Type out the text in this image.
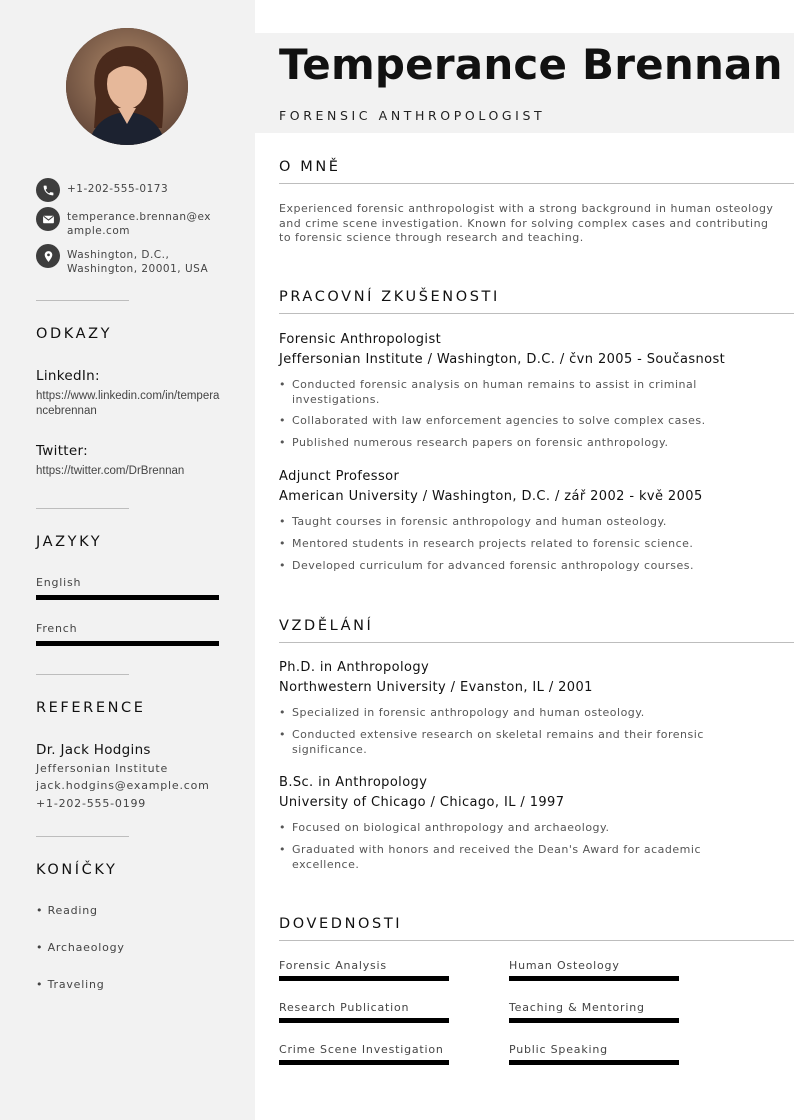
+1-202-555-0173
temperance.brennan@example.com
Washington, D.C.,
Washington, 20001, USA
ODKAZY
LinkedIn:
https://www.linkedin.com/in/temperancebrennan
Twitter:
https://twitter.com/DrBrennan
JAZYKY
English
French
REFERENCE
Dr. Jack Hodgins
Jeffersonian Institute
jack.hodgins@example.com
+1-202-555-0199
KONÍČKY
• Reading
• Archaeology
• Traveling
Temperance Brennan
FORENSIC ANTHROPOLOGIST
O MNĚ
Experienced forensic anthropologist with a strong background in human osteology and crime scene investigation. Known for solving complex cases and contributing to forensic science through research and teaching.
PRACOVNÍ ZKUŠENOSTI
Forensic Anthropologist
Jeffersonian Institute / Washington, D.C. / čvn 2005 - Současnost
• Conducted forensic analysis on human remains to assist in criminal investigations.
• Collaborated with law enforcement agencies to solve complex cases.
• Published numerous research papers on forensic anthropology.
Adjunct Professor
American University / Washington, D.C. / zář 2002 - kvě 2005
• Taught courses in forensic anthropology and human osteology.
• Mentored students in research projects related to forensic science.
• Developed curriculum for advanced forensic anthropology courses.
VZDĚLÁNÍ
Ph.D. in Anthropology
Northwestern University / Evanston, IL / 2001
• Specialized in forensic anthropology and human osteology.
• Conducted extensive research on skeletal remains and their forensic significance.
B.Sc. in Anthropology
University of Chicago / Chicago, IL / 1997
• Focused on biological anthropology and archaeology.
• Graduated with honors and received the Dean's Award for academic excellence.
DOVEDNOSTI
Forensic Analysis	Human Osteology
Research Publication	Teaching & Mentoring
Crime Scene Investigation	Public Speaking
